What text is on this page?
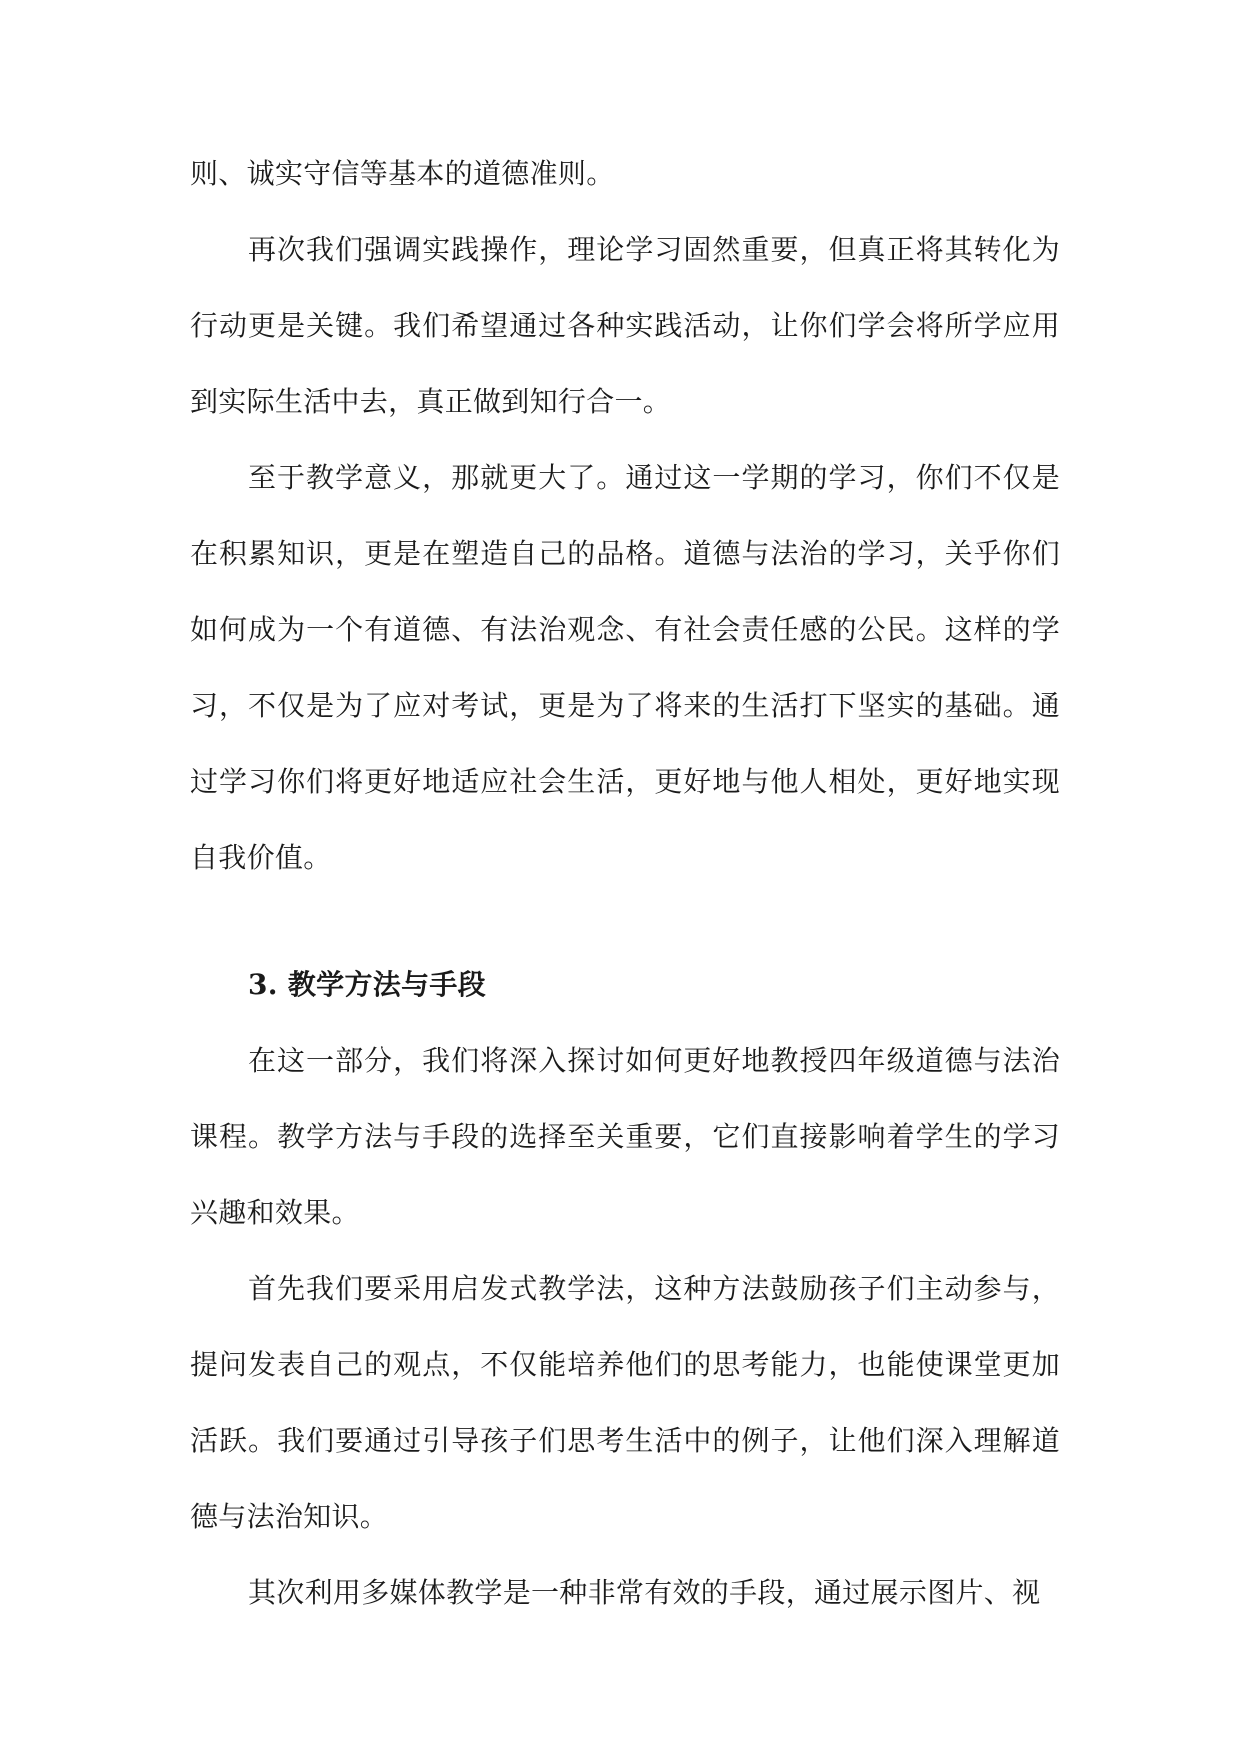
则、诚实守信等基本的道德准则。

再次我们强调实践操作，理论学习固然重要，但真正将其转化为行动更是关键。我们希望通过各种实践活动，让你们学会将所学应用到实际生活中去，真正做到知行合一。

至于教学意义，那就更大了。通过这一学期的学习，你们不仅是在积累知识，更是在塑造自己的品格。道德与法治的学习，关乎你们如何成为一个有道德、有法治观念、有社会责任感的公民。这样的学习，不仅是为了应对考试，更是为了将来的生活打下坚实的基础。通过学习你们将更好地适应社会生活，更好地与他人相处，更好地实现自我价值。

3. 教学方法与手段

在这一部分，我们将深入探讨如何更好地教授四年级道德与法治课程。教学方法与手段的选择至关重要，它们直接影响着学生的学习兴趣和效果。

首先我们要采用启发式教学法，这种方法鼓励孩子们主动参与，提问发表自己的观点，不仅能培养他们的思考能力，也能使课堂更加活跃。我们要通过引导孩子们思考生活中的例子，让他们深入理解道德与法治知识。

其次利用多媒体教学是一种非常有效的手段，通过展示图片、视
